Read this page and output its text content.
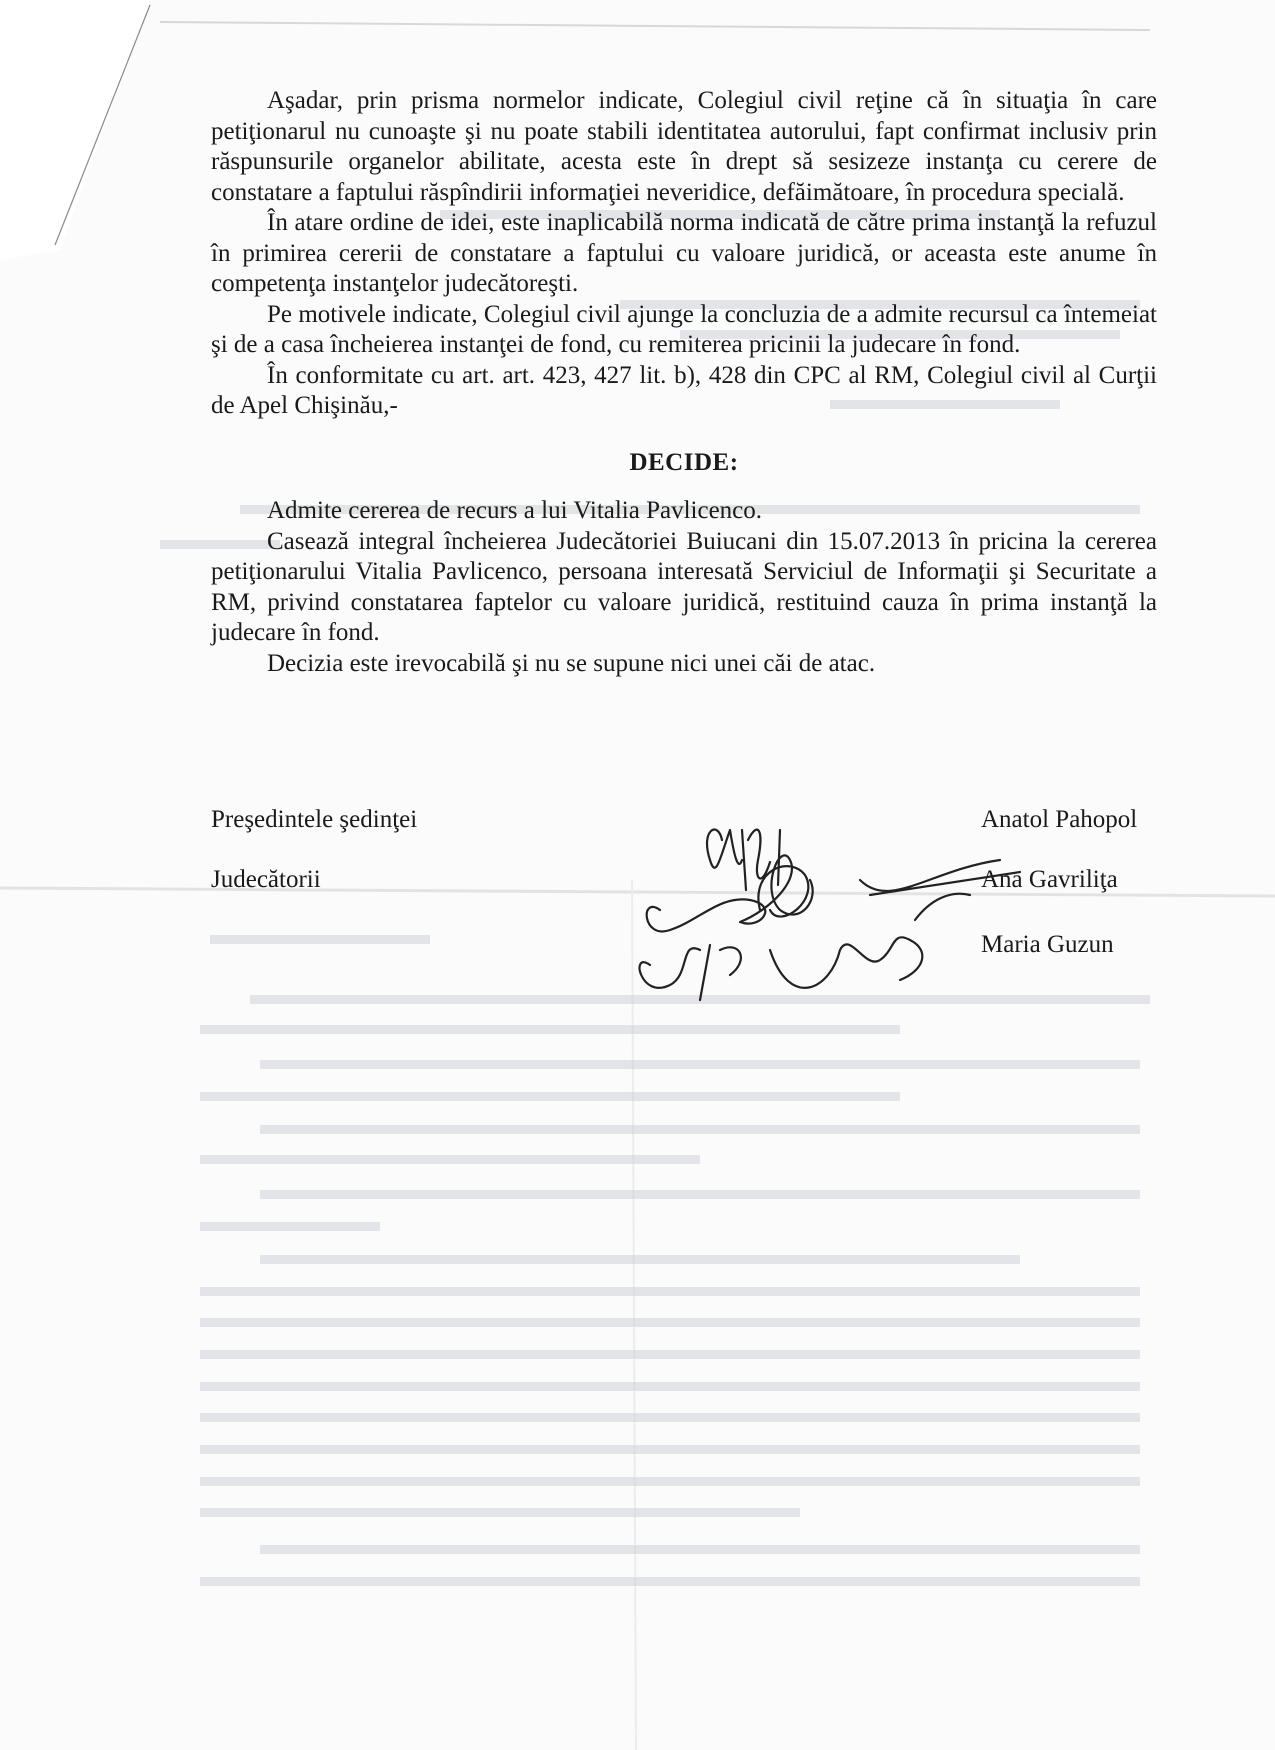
Aşadar, prin prisma normelor indicate, Colegiul civil reţine că în situaţia în care petiţionarul nu cunoaşte şi nu poate stabili identitatea autorului, fapt confirmat inclusiv prin răspunsurile organelor abilitate, acesta este în drept să sesizeze instanţa cu cerere de constatare a faptului răspîndirii informaţiei neveridice, defăimătoare, în procedura specială.

În atare ordine de idei, este inaplicabilă norma indicată de către prima instanţă la refuzul în primirea cererii de constatare a faptului cu valoare juridică, or aceasta este anume în competenţa instanţelor judecătoreşti.

Pe motivele indicate, Colegiul civil ajunge la concluzia de a admite recursul ca întemeiat şi de a casa încheierea instanţei de fond, cu remiterea pricinii la judecare în fond.

În conformitate cu art. art. 423, 427 lit. b), 428 din CPC al RM, Colegiul civil al Curţii de Apel Chişinău,-

DECIDE:

Admite cererea de recurs a lui Vitalia Pavlicenco.

Casează integral încheierea Judecătoriei Buiucani din 15.07.2013 în pricina la cererea petiţionarului Vitalia Pavlicenco, persoana interesată Serviciul de Informaţii şi Securitate a RM, privind constatarea faptelor cu valoare juridică, restituind cauza în prima instanţă la judecare în fond.

Decizia este irevocabilă şi nu se supune nici unei căi de atac.

Preşedintele şedinţei	Anatol Pahopol
Judecătorii	Ana Gavriliţa
Maria Guzun
